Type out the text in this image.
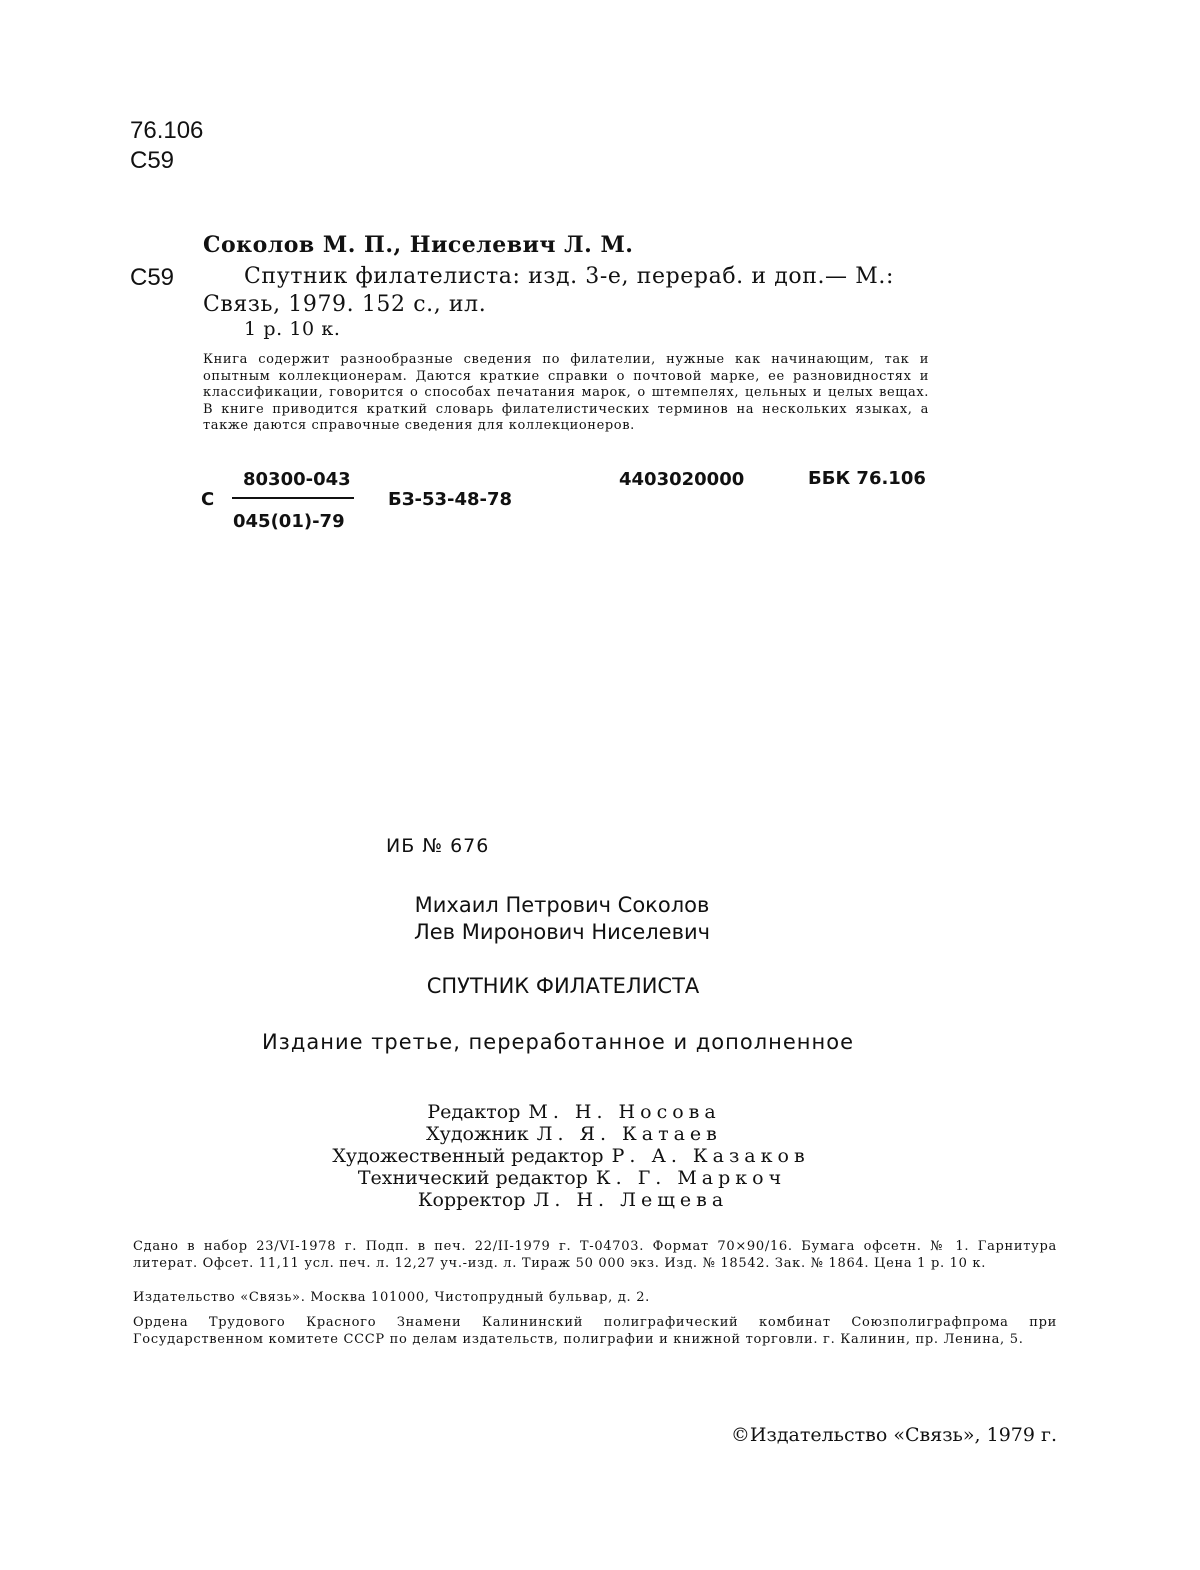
76.106
С59
Соколов М. П., Ниселевич Л. М.
С59	Спутник филателиста: изд. 3-е, перераб. и доп.— М.:
Связь, 1979. 152 с., ил.
1 р. 10 к.
Книга содержит разнообразные сведения по филателии, нужные как начинающим, так и опытным коллекционерам. Даются краткие справки о почтовой марке, ее разновидностях и классификации, говорится о способах печатания марок, о штемпелях, цельных и целых вещах. В книге приводится краткий словарь филателистических терминов на нескольких языках, а также даются справочные сведения для коллекционеров.
С
80300-043
045(01)-79
БЗ-53-48-78
4403020000	ББК 76.106
ИБ № 676
Михаил Петрович Соколов
Лев Миронович Ниселевич
СПУТНИК ФИЛАТЕЛИСТА
Издание третье, переработанное и дополненное
Редактор М. Н. Носова
Художник Л. Я. Катаев
Художественный редактор Р. А. Казаков
Технический редактор К. Г. Маркоч
Корректор Л. Н. Лещева
Сдано в набор 23/VI-1978 г. Подп. в печ. 22/II-1979 г. Т-04703. Формат 70×90/16. Бумага офсетн. № 1. Гарнитура литерат. Офсет. 11,11 усл. печ. л. 12,27 уч.-изд. л. Тираж 50 000 экз. Изд. № 18542. Зак. № 1864. Цена 1 р. 10 к.
Издательство «Связь». Москва 101000, Чистопрудный бульвар, д. 2.
Ордена Трудового Красного Знамени Калининский полиграфический комбинат Союзполиграфпрома при Государственном комитете СССР по делам издательств, полиграфии и книжной торговли. г. Калинин, пр. Ленина, 5.
©Издательство «Связь», 1979 г.
